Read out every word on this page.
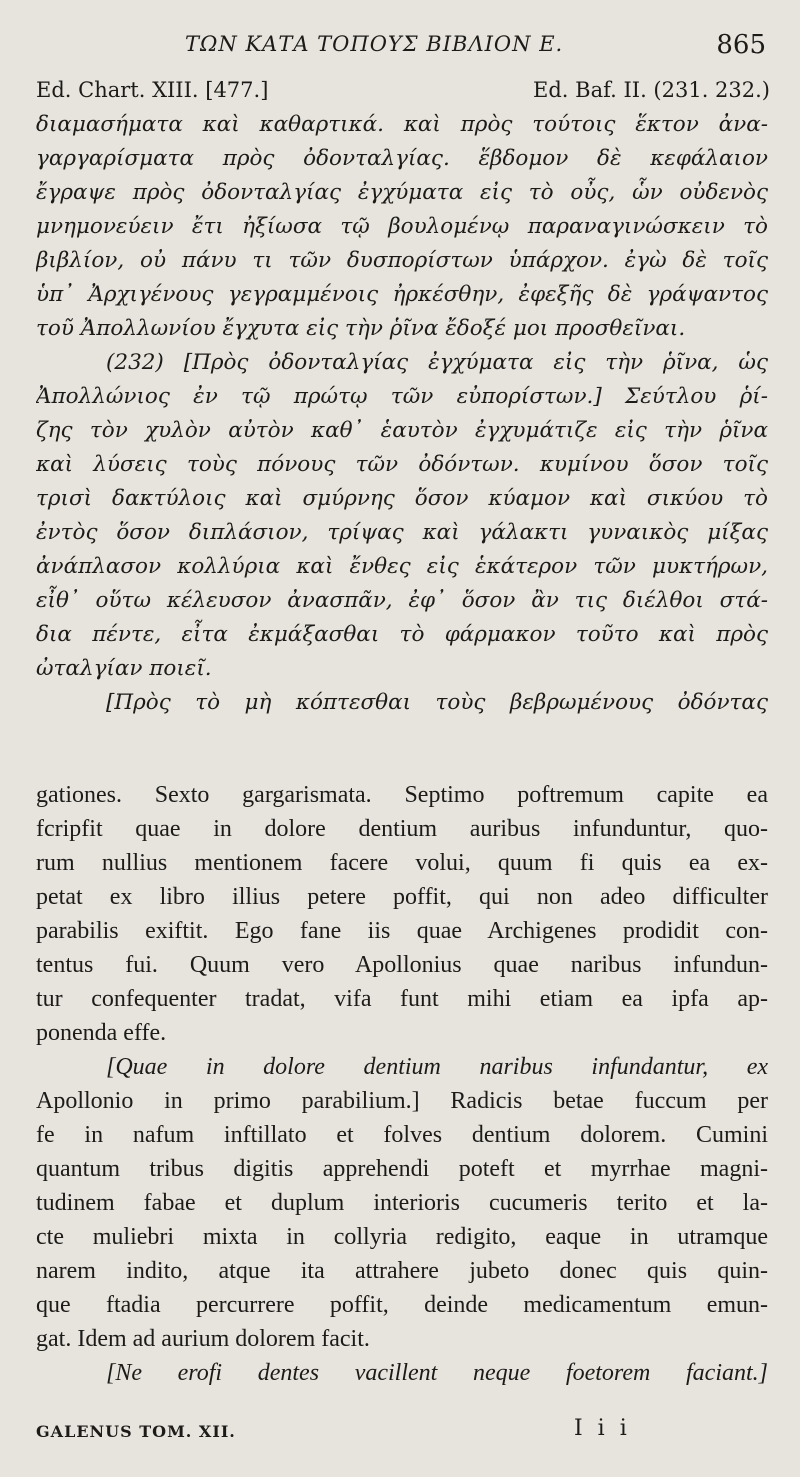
ΤΩΝ ΚΑΤΑ ΤΟΠΟΥΣ ΒΙΒΛΙΟΝ Ε.	865
Ed. Chart. XIII. [477.]	Ed. Baf. II. (231. 232.)
διαμασήματα καὶ καθαρτικά. καὶ πρὸς τούτοις ἕκτον ἀνα-
γαργαρίσματα πρὸς ὀδονταλγίας. ἕβδομον δὲ κεφάλαιον
ἔγραψε πρὸς ὀδονταλγίας ἐγχύματα εἰς τὸ οὖς, ὧν οὐδενὸς
μνημονεύειν ἔτι ἠξίωσα τῷ βουλομένῳ παραναγινώσκειν τὸ
βιβλίον, οὐ πάνυ τι τῶν δυσπορίστων ὑπάρχον. ἐγὼ δὲ τοῖς
ὑπ᾿ Ἀρχιγένους γεγραμμένοις ἠρκέσθην, ἐφεξῆς δὲ γράψαντος
τοῦ Ἀπολλωνίου ἔγχυτα εἰς τὴν ῥῖνα ἔδοξέ μοι προσθεῖναι.
(232) [Πρὸς ὀδονταλγίας ἐγχύματα εἰς τὴν ῥῖνα, ὡς
Ἀπολλώνιος ἐν τῷ πρώτῳ τῶν εὐπορίστων.] Σεύτλου ῥί-
ζης τὸν χυλὸν αὐτὸν καθ᾿ ἑαυτὸν ἐγχυμάτιζε εἰς τὴν ῥῖνα
καὶ λύσεις τοὺς πόνους τῶν ὀδόντων. κυμίνου ὅσον τοῖς
τρισὶ δακτύλοις καὶ σμύρνης ὅσον κύαμον καὶ σικύου τὸ
ἐντὸς ὅσον διπλάσιον, τρίψας καὶ γάλακτι γυναικὸς μίξας
ἀνάπλασον κολλύρια καὶ ἔνθες εἰς ἑκάτερον τῶν μυκτήρων,
εἶθ᾿ οὕτω κέλευσον ἀνασπᾶν, ἐφ᾿ ὅσον ἂν τις διέλθοι στά-
δια πέντε, εἶτα ἐκμάξασθαι τὸ φάρμακον τοῦτο καὶ πρὸς
ὠταλγίαν ποιεῖ.
[Πρὸς τὸ μὴ κόπτεσθαι τοὺς βεβρωμένους ὀδόντας
gationes. Sexto gargarismata. Septimo poftremum capite ea
fcripfit quae in dolore dentium auribus infunduntur, quo-
rum nullius mentionem facere volui, quum fi quis ea ex-
petat ex libro illius petere poffit, qui non adeo difficulter
parabilis exiftit. Ego fane iis quae Archigenes prodidit con-
tentus fui. Quum vero Apollonius quae naribus infundun-
tur confequenter tradat, vifa funt mihi etiam ea ipfa ap-
ponenda effe.
[Quae in dolore dentium naribus infundantur, ex
Apollonio in primo parabilium.] Radicis betae fuccum per
fe in nafum inftillato et folves dentium dolorem. Cumini
quantum tribus digitis apprehendi poteft et myrrhae magni-
tudinem fabae et duplum interioris cucumeris terito et la-
cte muliebri mixta in collyria redigito, eaque in utramque
narem indito, atque ita attrahere jubeto donec quis quin-
que ftadia percurrere poffit, deinde medicamentum emun-
gat. Idem ad aurium dolorem facit.
[Ne erofi dentes vacillent neque foetorem faciant.]
GALENUS TOM. XII.	I i i
